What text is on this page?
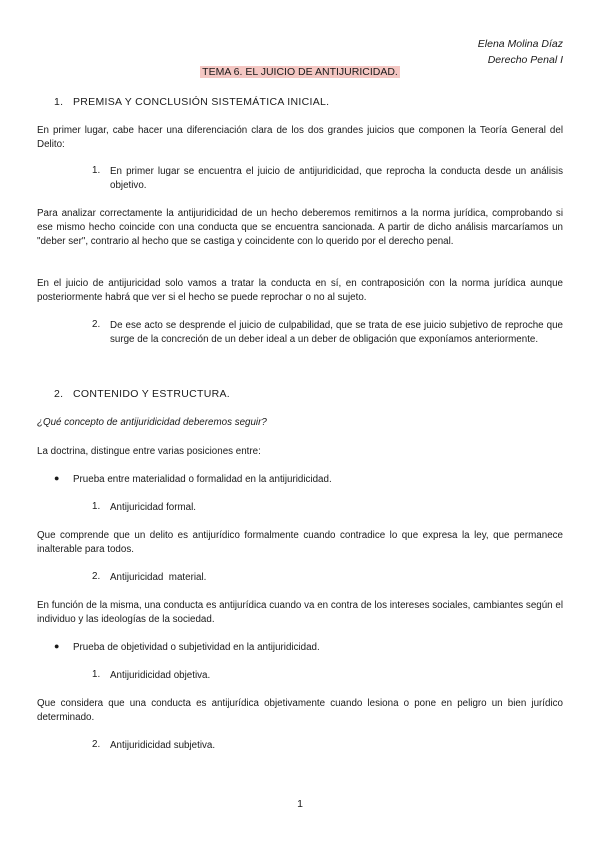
Elena Molina Díaz
Derecho Penal I
TEMA 6. EL JUICIO DE ANTIJURICIDAD.
1. PREMISA Y CONCLUSIÓN SISTEMÁTICA INICIAL.
En primer lugar, cabe hacer una diferenciación clara de los dos grandes juicios que componen la Teoría General del Delito:
1. En primer lugar se encuentra el juicio de antijuridicidad, que reprocha la conducta desde un análisis objetivo.
Para analizar correctamente la antijuridicidad de un hecho deberemos remitirnos a la norma jurídica, comprobando si ese mismo hecho coincide con una conducta que se encuentra sancionada. A partir de dicho análisis marcaríamos un "deber ser", contrario al hecho que se castiga y coincidente con lo querido por el derecho penal.
En el juicio de antijuricidad solo vamos a tratar la conducta en sí, en contraposición con la norma jurídica aunque posteriormente habrá que ver si el hecho se puede reprochar o no al sujeto.
2. De ese acto se desprende el juicio de culpabilidad, que se trata de ese juicio subjetivo de reproche que surge de la concreción de un deber ideal a un deber de obligación que exponíamos anteriormente.
2. CONTENIDO Y ESTRUCTURA.
¿Qué concepto de antijuridicidad deberemos seguir?
La doctrina, distingue entre varias posiciones entre:
● Prueba entre materialidad o formalidad en la antijuridicidad.
1. Antijuricidad formal.
Que comprende que un delito es antijurídico formalmente cuando contradice lo que expresa la ley, que permanece inalterable para todos.
2. Antijuricidad  material.
En función de la misma, una conducta es antijurídica cuando va en contra de los intereses sociales, cambiantes según el individuo y las ideologías de la sociedad.
● Prueba de objetividad o subjetividad en la antijuridicidad.
1. Antijuridicidad objetiva.
Que considera que una conducta es antijurídica objetivamente cuando lesiona o pone en peligro un bien jurídico determinado.
2. Antijuridicidad subjetiva.
1
